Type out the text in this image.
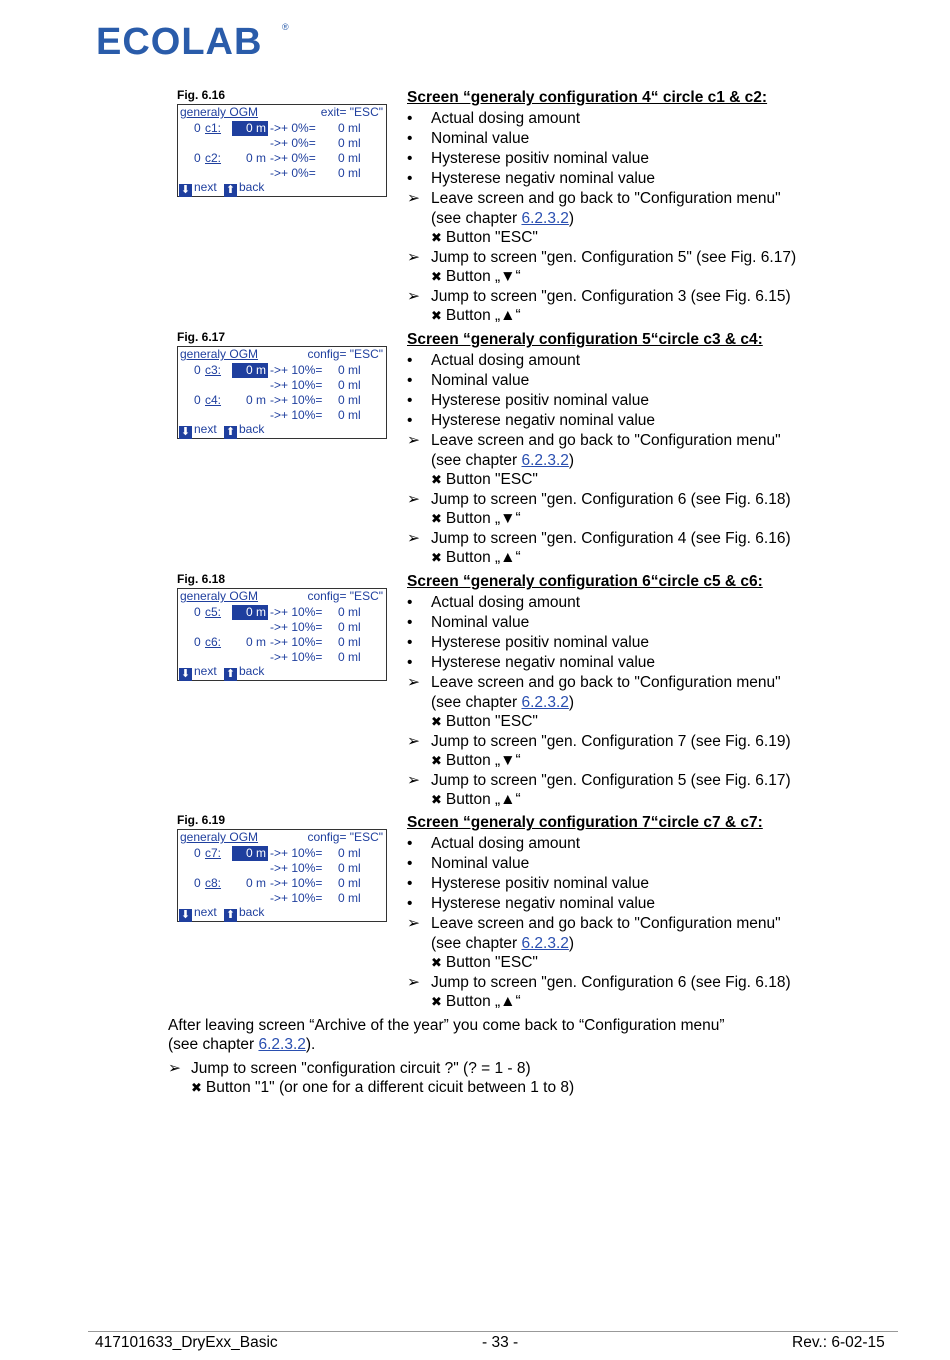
ECOLAB ®
Fig. 6.16
generaly OGM	exit= "ESC"
0 c1:	0 m ->+ 0%= 0 ml
->+ 0%= 0 ml
0 c2:	0 m ->+ 0%= 0 ml
->+ 0%= 0 ml
⬇ next ⬆ back
Fig. 6.17
generaly OGM	config= "ESC"
0 c3:	0 m ->+ 10%= 0 ml
->+ 10%= 0 ml
0 c4:	0 m ->+ 10%= 0 ml
->+ 10%= 0 ml
⬇ next ⬆ back
Fig. 6.18
generaly OGM	config= "ESC"
0 c5:	0 m ->+ 10%= 0 ml
->+ 10%= 0 ml
0 c6:	0 m ->+ 10%= 0 ml
->+ 10%= 0 ml
⬇ next ⬆ back
Fig. 6.19
generaly OGM	config= "ESC"
0 c7:	0 m ->+ 10%= 0 ml
->+ 10%= 0 ml
0 c8:	0 m ->+ 10%= 0 ml
->+ 10%= 0 ml
⬇ next ⬆ back
Screen “generaly configuration 4“ circle c1 & c2:
• Actual dosing amount
• Nominal value
• Hysterese positiv nominal value
• Hysterese negativ nominal value
➢ Leave screen and go back to "Configuration menu"
(see chapter 6.2.3.2)
✖ Button "ESC"
➢ Jump to screen "gen. Configuration 5" (see Fig. 6.17)
✖ Button „▼“
➢ Jump to screen "gen. Configuration 3 (see Fig. 6.15)
✖ Button „▲“
Screen “generaly configuration 5“circle c3 & c4:
• Actual dosing amount
• Nominal value
• Hysterese positiv nominal value
• Hysterese negativ nominal value
➢ Leave screen and go back to "Configuration menu"
(see chapter 6.2.3.2)
✖ Button "ESC"
➢ Jump to screen "gen. Configuration 6 (see Fig. 6.18)
✖ Button „▼“
➢ Jump to screen "gen. Configuration 4 (see Fig. 6.16)
✖ Button „▲“
Screen “generaly configuration 6“circle c5 & c6:
• Actual dosing amount
• Nominal value
• Hysterese positiv nominal value
• Hysterese negativ nominal value
➢ Leave screen and go back to "Configuration menu"
(see chapter 6.2.3.2)
✖ Button "ESC"
➢ Jump to screen "gen. Configuration 7 (see Fig. 6.19)
✖ Button „▼“
➢ Jump to screen "gen. Configuration 5 (see Fig. 6.17)
✖ Button „▲“
Screen “generaly configuration 7“circle c7 & c7:
• Actual dosing amount
• Nominal value
• Hysterese positiv nominal value
• Hysterese negativ nominal value
➢ Leave screen and go back to "Configuration menu"
(see chapter 6.2.3.2)
✖ Button "ESC"
➢ Jump to screen "gen. Configuration 6 (see Fig. 6.18)
✖ Button „▲“
After leaving screen “Archive of the year” you come back to “Configuration menu”
(see chapter 6.2.3.2).
➢ Jump to screen "configuration circuit ?" (? = 1 - 8)
✖ Button "1" (or one for a different cicuit between 1 to 8)
417101633_DryExx_Basic	- 33 -	Rev.: 6-02-15
